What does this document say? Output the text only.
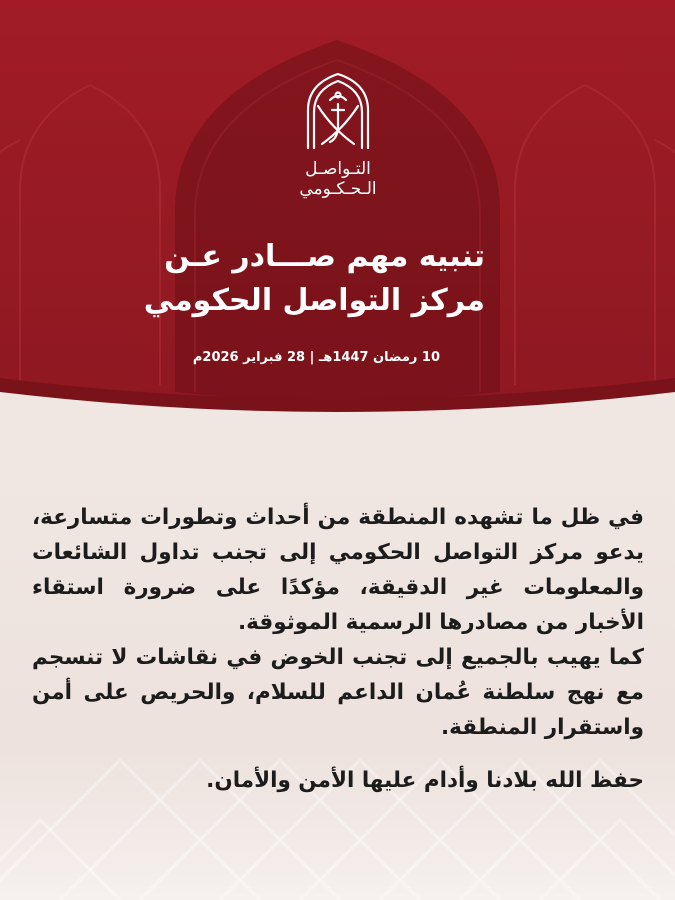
التـواصـل
الـحـكـومي
تنبيه مهم صـــادر عـن
مركز التواصل الحكومي
10 رمضان 1447هـ | 28 فبراير 2026م

في ظل ما تشهده المنطقة من أحداث وتطورات متسارعة، يدعو مركز التواصل الحكومي إلى تجنب تداول الشائعات والمعلومات غير الدقيقة، مؤكدًا على ضرورة استقاء الأخبار من مصادرها الرسمية الموثوقة.

كما يهيب بالجميع إلى تجنب الخوض في نقاشات لا تنسجم مع نهج سلطنة عُمان الداعم للسلام، والحريص على أمن واستقرار المنطقة.

حفظ الله بلادنا وأدام عليها الأمن والأمان.
